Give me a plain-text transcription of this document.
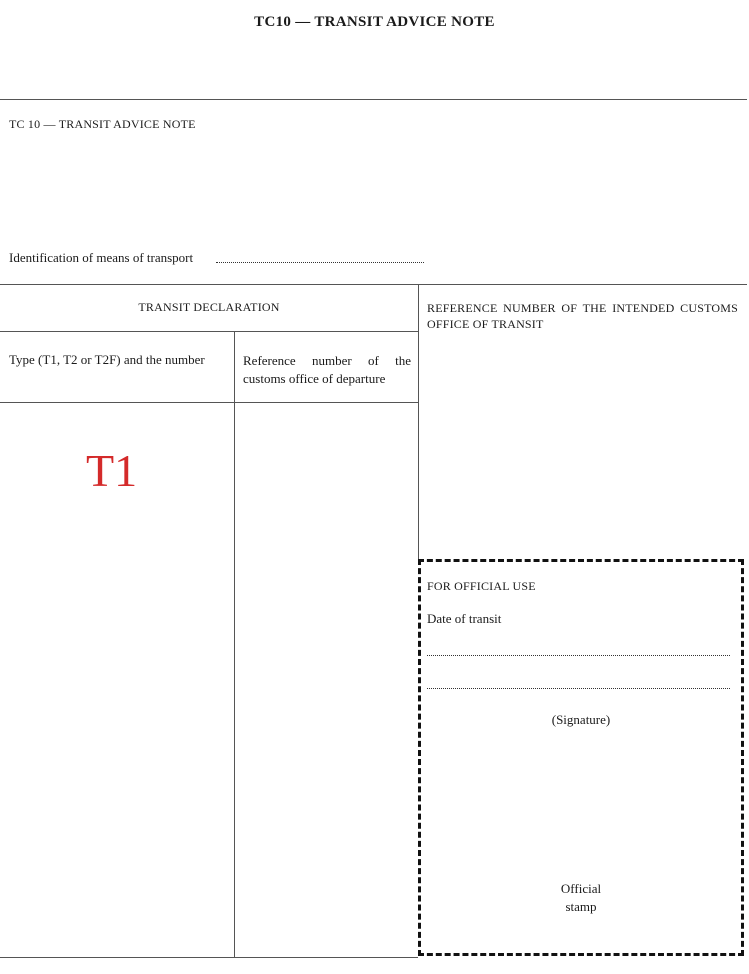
TC10 — TRANSIT ADVICE NOTE
TC 10 — TRANSIT ADVICE NOTE
Identification of means of transport
TRANSIT DECLARATION
Type (T1, T2 or T2F) and the number	Reference number of the customs office of departure
T1
REFERENCE NUMBER OF THE INTENDED CUSTOMS OFFICE OF TRANSIT
FOR OFFICIAL USE
Date of transit
(Signature)
Official
stamp
